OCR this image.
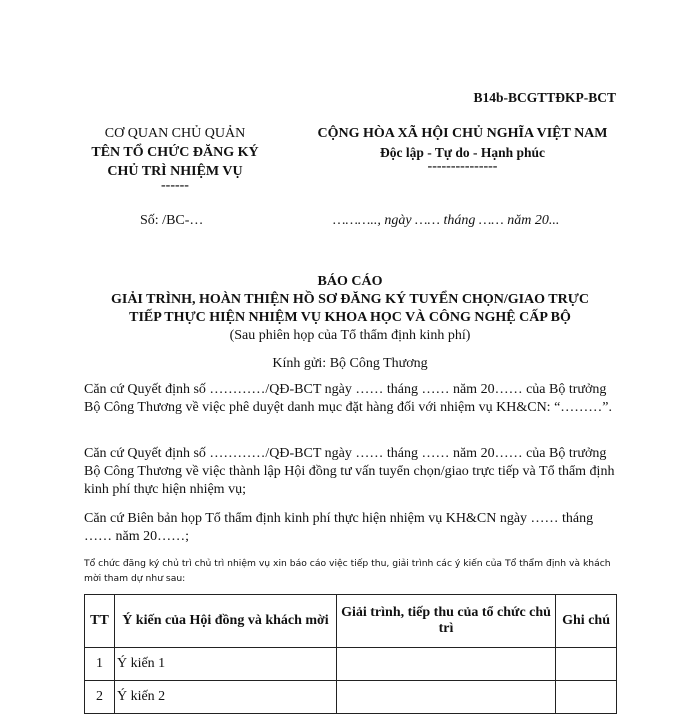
B14b-BCGTTĐKP-BCT
CƠ QUAN CHỦ QUẢN
TÊN TỔ CHỨC ĐĂNG KÝ
CHỦ TRÌ NHIỆM VỤ
------
CỘNG HÒA XÃ HỘI CHỦ NGHĨA VIỆT NAM
Độc lập - Tự do - Hạnh phúc
---------------
Số: /BC-…	……….., ngày …… tháng …… năm 20...
BÁO CÁO
GIẢI TRÌNH, HOÀN THIỆN HỒ SƠ ĐĂNG KÝ TUYỂN CHỌN/GIAO TRỰC
TIẾP THỰC HIỆN NHIỆM VỤ KHOA HỌC VÀ CÔNG NGHỆ CẤP BỘ
(Sau phiên họp của Tổ thẩm định kinh phí)
Kính gửi: Bộ Công Thương
Căn cứ Quyết định số …………/QĐ-BCT ngày …… tháng …… năm 20…… của Bộ trưởng Bộ Công Thương về việc phê duyệt danh mục đặt hàng đối với nhiệm vụ KH&CN: “………”.
Căn cứ Quyết định số …………/QĐ-BCT ngày …… tháng …… năm 20…… của Bộ trưởng Bộ Công Thương về việc thành lập Hội đồng tư vấn tuyển chọn/giao trực tiếp và Tổ thẩm định kinh phí thực hiện nhiệm vụ;
Căn cứ Biên bản họp Tổ thẩm định kinh phí thực hiện nhiệm vụ KH&CN ngày …… tháng …… năm 20……;
Tổ chức đăng ký chủ trì chủ trì nhiệm vụ xin báo cáo việc tiếp thu, giải trình các ý kiến của Tổ thẩm định và khách mời tham dự như sau:
TT	Ý kiến của Hội đồng và khách mời	Giải trình, tiếp thu của tổ chức chủ trì	Ghi chú
1	Ý kiến 1		
2	Ý kiến 2		
